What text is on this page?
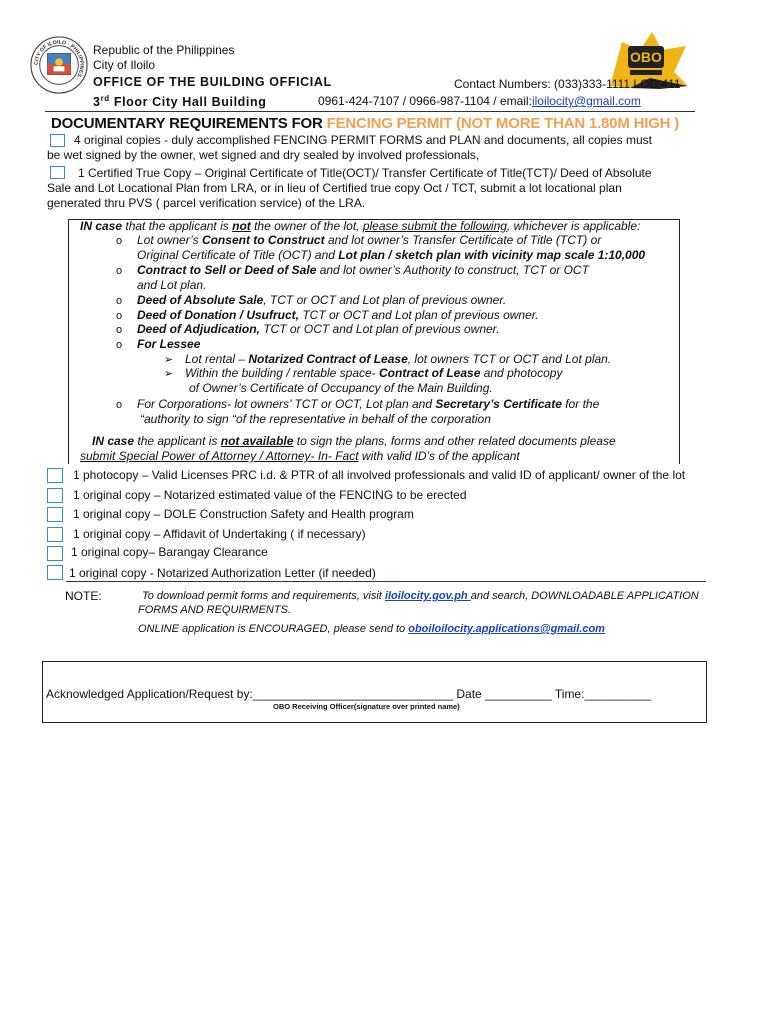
CITY OF ILOILO · PHILIPPINES ·
OBO
Republic of the Philippines
City of Iloilo
OFFICE OF THE BUILDING OFFICIAL
3rd Floor City Hall Building
Contact Numbers: (033)333-1111 LOC 411
0961-424-7107 / 0966-987-1104 / email:iloilocity@gmail.com
DOCUMENTARY REQUIREMENTS FOR FENCING PERMIT (NOT MORE THAN 1.80M HIGH )
4 original copies - duly accomplished FENCING PERMIT FORMS and PLAN and documents, all copies must
be wet signed by the owner, wet signed and dry sealed by involved professionals,
1 Certified True Copy – Original Certificate of Title(OCT)/ Transfer Certificate of Title(TCT)/ Deed of Absolute
Sale and Lot Locational Plan from LRA, or in lieu of Certified true copy Oct / TCT, submit a lot locational plan
generated thru PVS ( parcel verification service) of the LRA.
IN case that the applicant is not the owner of the lot, please submit the following, whichever is applicable:
o Lot owner’s Consent to Construct and lot owner’s Transfer Certificate of Title (TCT) or
Original Certificate of Title (OCT) and Lot plan / sketch plan with vicinity map scale 1:10,000
o Contract to Sell or Deed of Sale and lot owner’s Authority to construct, TCT or OCT
and Lot plan.
o Deed of Absolute Sale, TCT or OCT and Lot plan of previous owner.
o Deed of Donation / Usufruct, TCT or OCT and Lot plan of previous owner.
o Deed of Adjudication, TCT or OCT and Lot plan of previous owner.
o For Lessee
➢ Lot rental – Notarized Contract of Lease, lot owners TCT or OCT and Lot plan.
➢ Within the building / rentable space- Contract of Lease and photocopy
of Owner’s Certificate of Occupancy of the Main Building.
o For Corporations- lot owners’ TCT or OCT, Lot plan and Secretary’s Certificate for the
“authority to sign “of the representative in behalf of the corporation
IN case the applicant is not available to sign the plans, forms and other related documents please
submit Special Power of Attorney / Attorney- In- Fact with valid ID’s of the applicant
1 photocopy – Valid Licenses PRC i.d. & PTR of all involved professionals and valid ID of applicant/ owner of the lot
1 original copy – Notarized estimated value of the FENCING to be erected
1 original copy – DOLE Construction Safety and Health program
1 original copy – Affidavit of Undertaking ( if necessary)
1 original copy– Barangay Clearance
1 original copy - Notarized Authorization Letter (if needed)
NOTE:	To download permit forms and requirements, visit iloilocity.gov.ph and search, DOWNLOADABLE APPLICATION
FORMS AND REQUIRMENTS.
ONLINE application is ENCOURAGED, please send to oboiloilocity.applications@gmail.com
Acknowledged Application/Request by:______________________________ Date __________ Time:__________
OBO Receiving Officer(signature over printed name)
